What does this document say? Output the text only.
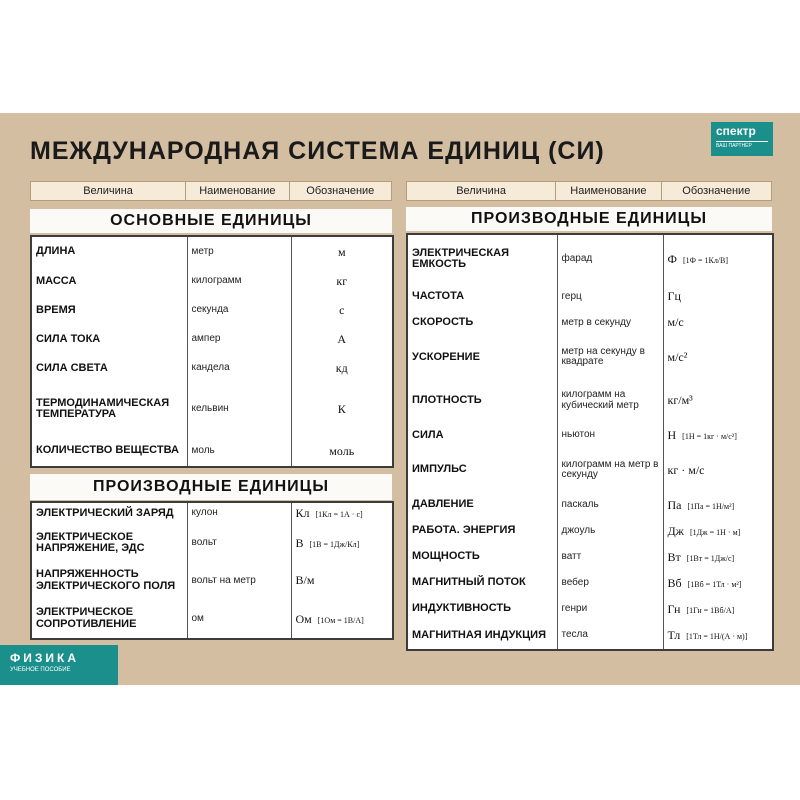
МЕЖДУНАРОДНАЯ СИСТЕМА ЕДИНИЦ (СИ)
спектр
ВАШ ПАРТНЁР
Величина	Наименование	Обозначение	Величина	Наименование	Обозначение
ОСНОВНЫЕ ЕДИНИЦЫ	ПРОИЗВОДНЫЕ ЕДИНИЦЫ
ДЛИНА	метр	м
МАССА	килограмм	кг
ВРЕМЯ	секунда	с
СИЛА ТОКА	ампер	А
СИЛА СВЕТА	кандела	кд
ТЕРМОДИНАМИЧЕСКАЯ ТЕМПЕРАТУРА	кельвин	К
КОЛИЧЕСТВО ВЕЩЕСТВА	моль	моль
ПРОИЗВОДНЫЕ ЕДИНИЦЫ
ЭЛЕКТРИЧЕСКИЙ ЗАРЯД	кулон	Кл [1Кл = 1А · с]
ЭЛЕКТРИЧЕСКОЕ НАПРЯЖЕНИЕ, ЭДС	вольт	В [1В = 1Дж/Кл]
НАПРЯЖЕННОСТЬ ЭЛЕКТРИЧЕСКОГО ПОЛЯ	вольт на метр	В/м
ЭЛЕКТРИЧЕСКОЕ СОПРОТИВЛЕНИЕ	ом	Ом [1Ом = 1В/А]
ЭЛЕКТРИЧЕСКАЯ ЕМКОСТЬ	фарад	Ф [1Ф = 1Кл/В]
ЧАСТОТА	герц	Гц
СКОРОСТЬ	метр в секунду	м/с
УСКОРЕНИЕ	метр на секунду в квадрате	м/с²
ПЛОТНОСТЬ	килограмм на кубический метр	кг/м³
СИЛА	ньютон	Н [1Н = 1кг · м/с²]
ИМПУЛЬС	килограмм на метр в секунду	кг · м/с
ДАВЛЕНИЕ	паскаль	Па [1Па = 1Н/м²]
РАБОТА. ЭНЕРГИЯ	джоуль	Дж [1Дж = 1Н · м]
МОЩНОСТЬ	ватт	Вт [1Вт = 1Дж/с]
МАГНИТНЫЙ ПОТОК	вебер	Вб [1Вб = 1Тл · м²]
ИНДУКТИВНОСТЬ	генри	Гн [1Гн = 1Вб/А]
МАГНИТНАЯ ИНДУКЦИЯ	тесла	Тл [1Тл = 1Н/(А · м)]
ФИЗИКА
УЧЕБНОЕ ПОСОБИЕ
